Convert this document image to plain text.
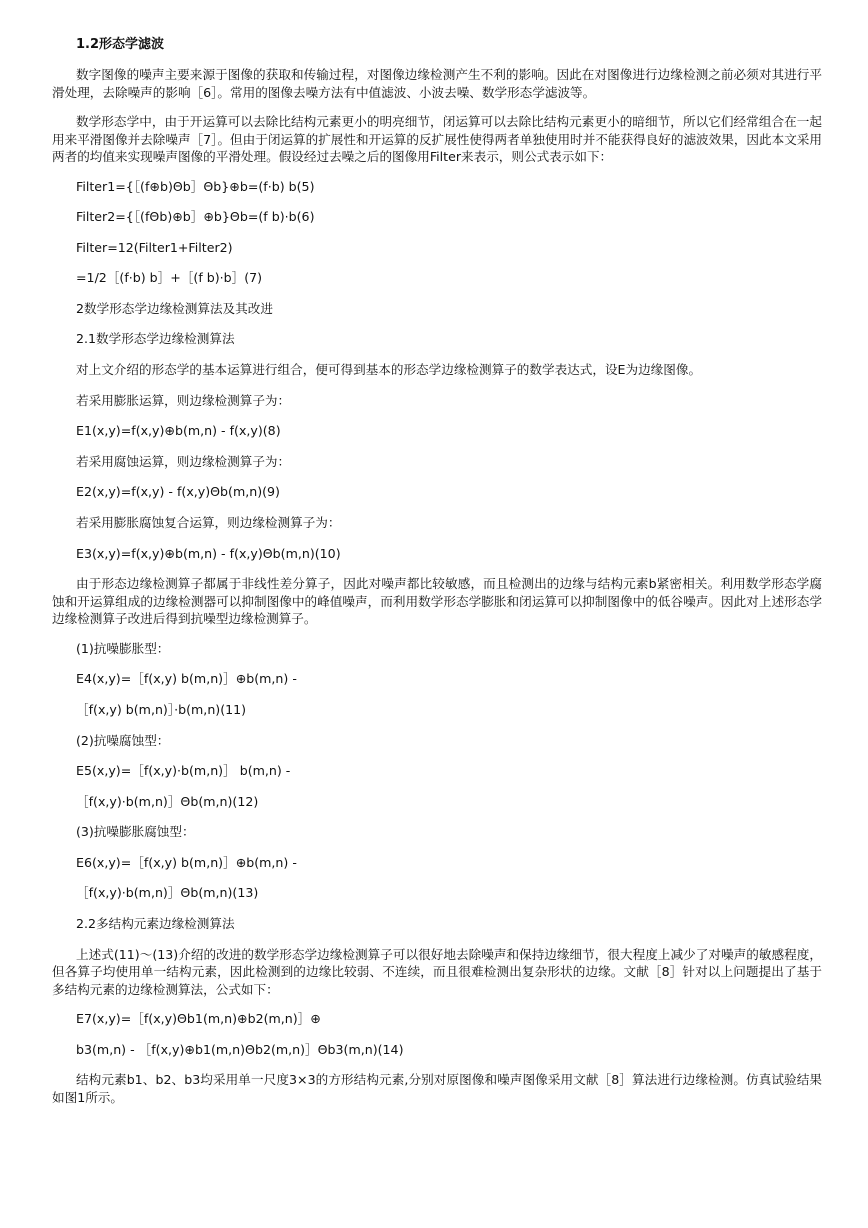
1.2形态学滤波
数字图像的噪声主要来源于图像的获取和传输过程，对图像边缘检测产生不利的影响。因此在对图像进行边缘检测之前必须对其进行平滑处理，去除噪声的影响［6］。常用的图像去噪方法有中值滤波、小波去噪、数学形态学滤波等。
数学形态学中，由于开运算可以去除比结构元素更小的明亮细节，闭运算可以去除比结构元素更小的暗细节，所以它们经常组合在一起用来平滑图像并去除噪声［7］。但由于闭运算的扩展性和开运算的反扩展性使得两者单独使用时并不能获得良好的滤波效果，因此本文采用两者的均值来实现噪声图像的平滑处理。假设经过去噪之后的图像用Filter来表示，则公式表示如下：
Filter1={［(f⊕b)Θb］Θb}⊕b=(f·b) b(5)
Filter2={［(fΘb)⊕b］⊕b}Θb=(f b)·b(6)
Filter=12(Filter1+Filter2)
=1/2［(f·b) b］+［(f b)·b］(7)
2数学形态学边缘检测算法及其改进
2.1数学形态学边缘检测算法
对上文介绍的形态学的基本运算进行组合，便可得到基本的形态学边缘检测算子的数学表达式，设E为边缘图像。
若采用膨胀运算，则边缘检测算子为：
E1(x,y)=f(x,y)⊕b(m,n) - f(x,y)(8)
若采用腐蚀运算，则边缘检测算子为：
E2(x,y)=f(x,y) - f(x,y)Θb(m,n)(9)
若采用膨胀腐蚀复合运算，则边缘检测算子为：
E3(x,y)=f(x,y)⊕b(m,n) - f(x,y)Θb(m,n)(10)
由于形态边缘检测算子都属于非线性差分算子，因此对噪声都比较敏感，而且检测出的边缘与结构元素b紧密相关。利用数学形态学腐蚀和开运算组成的边缘检测器可以抑制图像中的峰值噪声，而利用数学形态学膨胀和闭运算可以抑制图像中的低谷噪声。因此对上述形态学边缘检测算子改进后得到抗噪型边缘检测算子。
(1)抗噪膨胀型：
E4(x,y)=［f(x,y) b(m,n)］⊕b(m,n) -
［f(x,y) b(m,n)］·b(m,n)(11)
(2)抗噪腐蚀型：
E5(x,y)=［f(x,y)·b(m,n)］ b(m,n) -
［f(x,y)·b(m,n)］Θb(m,n)(12)
(3)抗噪膨胀腐蚀型：
E6(x,y)=［f(x,y) b(m,n)］⊕b(m,n) -
［f(x,y)·b(m,n)］Θb(m,n)(13)
2.2多结构元素边缘检测算法
上述式(11)～(13)介绍的改进的数学形态学边缘检测算子可以很好地去除噪声和保持边缘细节，很大程度上减少了对噪声的敏感程度，但各算子均使用单一结构元素，因此检测到的边缘比较弱、不连续，而且很难检测出复杂形状的边缘。文献［8］针对以上问题提出了基于多结构元素的边缘检测算法，公式如下：
E7(x,y)=［f(x,y)Θb1(m,n)⊕b2(m,n)］⊕
b3(m,n) - ［f(x,y)⊕b1(m,n)Θb2(m,n)］Θb3(m,n)(14)
结构元素b1、b2、b3均采用单一尺度3×3的方形结构元素,分别对原图像和噪声图像采用文献［8］算法进行边缘检测。仿真试验结果如图1所示。
